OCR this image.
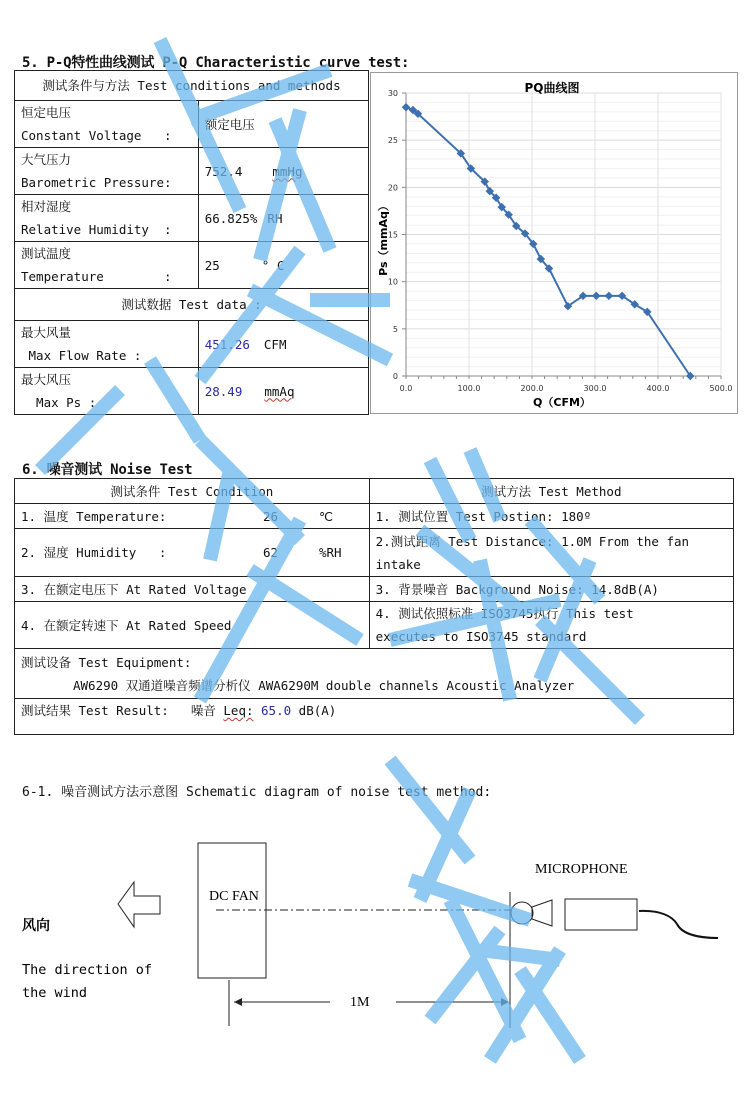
5. P-Q特性曲线测试 P-Q Characteristic curve test:
测试条件与方法 Test conditions and methods	

恒定电压
Constant Voltage   :	额定电压

大气压力
Barometric Pressure:	752.4 mmHg

相对湿度
Relative Humidity  :	66.825% RH

测试温度
Temperature        :	25 ° C
测试数据 Test data :	

最大风量
Max Flow Rate :	451.26 CFM

最大风压
Max Ps :	28.49 mmAq	0.0	100.0	200.0	300.0	400.0	500.0
0
5
10
15
20
25
30	PQ曲线图
Q（CFM）
Ps（mmAq）
6. 噪音测试 Noise Test
测试条件 Test Condition	测试方法 Test Method
1. 温度 Temperature: 26 ℃	1. 测试位置 Test Postion: 180º
2. 湿度 Humidity   : 62 %RH	2.测试距离 Test Distance: 1.0M From the fan
intake

3. 在额定电压下 At Rated Voltage	3. 背景噪音 Background Noise: 14.8dB(A)
4. 在额定转速下 At Rated Speed	4. 测试依照标准 ISO3745执行 This test
executes to ISO3745 standard

测试设备 Test Equipment:
AW6290 双通道噪音频谱分析仪 AWA6290M double channels Acoustic Analyzer	

测试结果 Test Result: 噪音 Leq: 65.0 dB(A)	
6-1. 噪音测试方法示意图 Schematic diagram of noise test method:
DC FAN
MICROPHONE
1M
风向
The direction of
the wind
